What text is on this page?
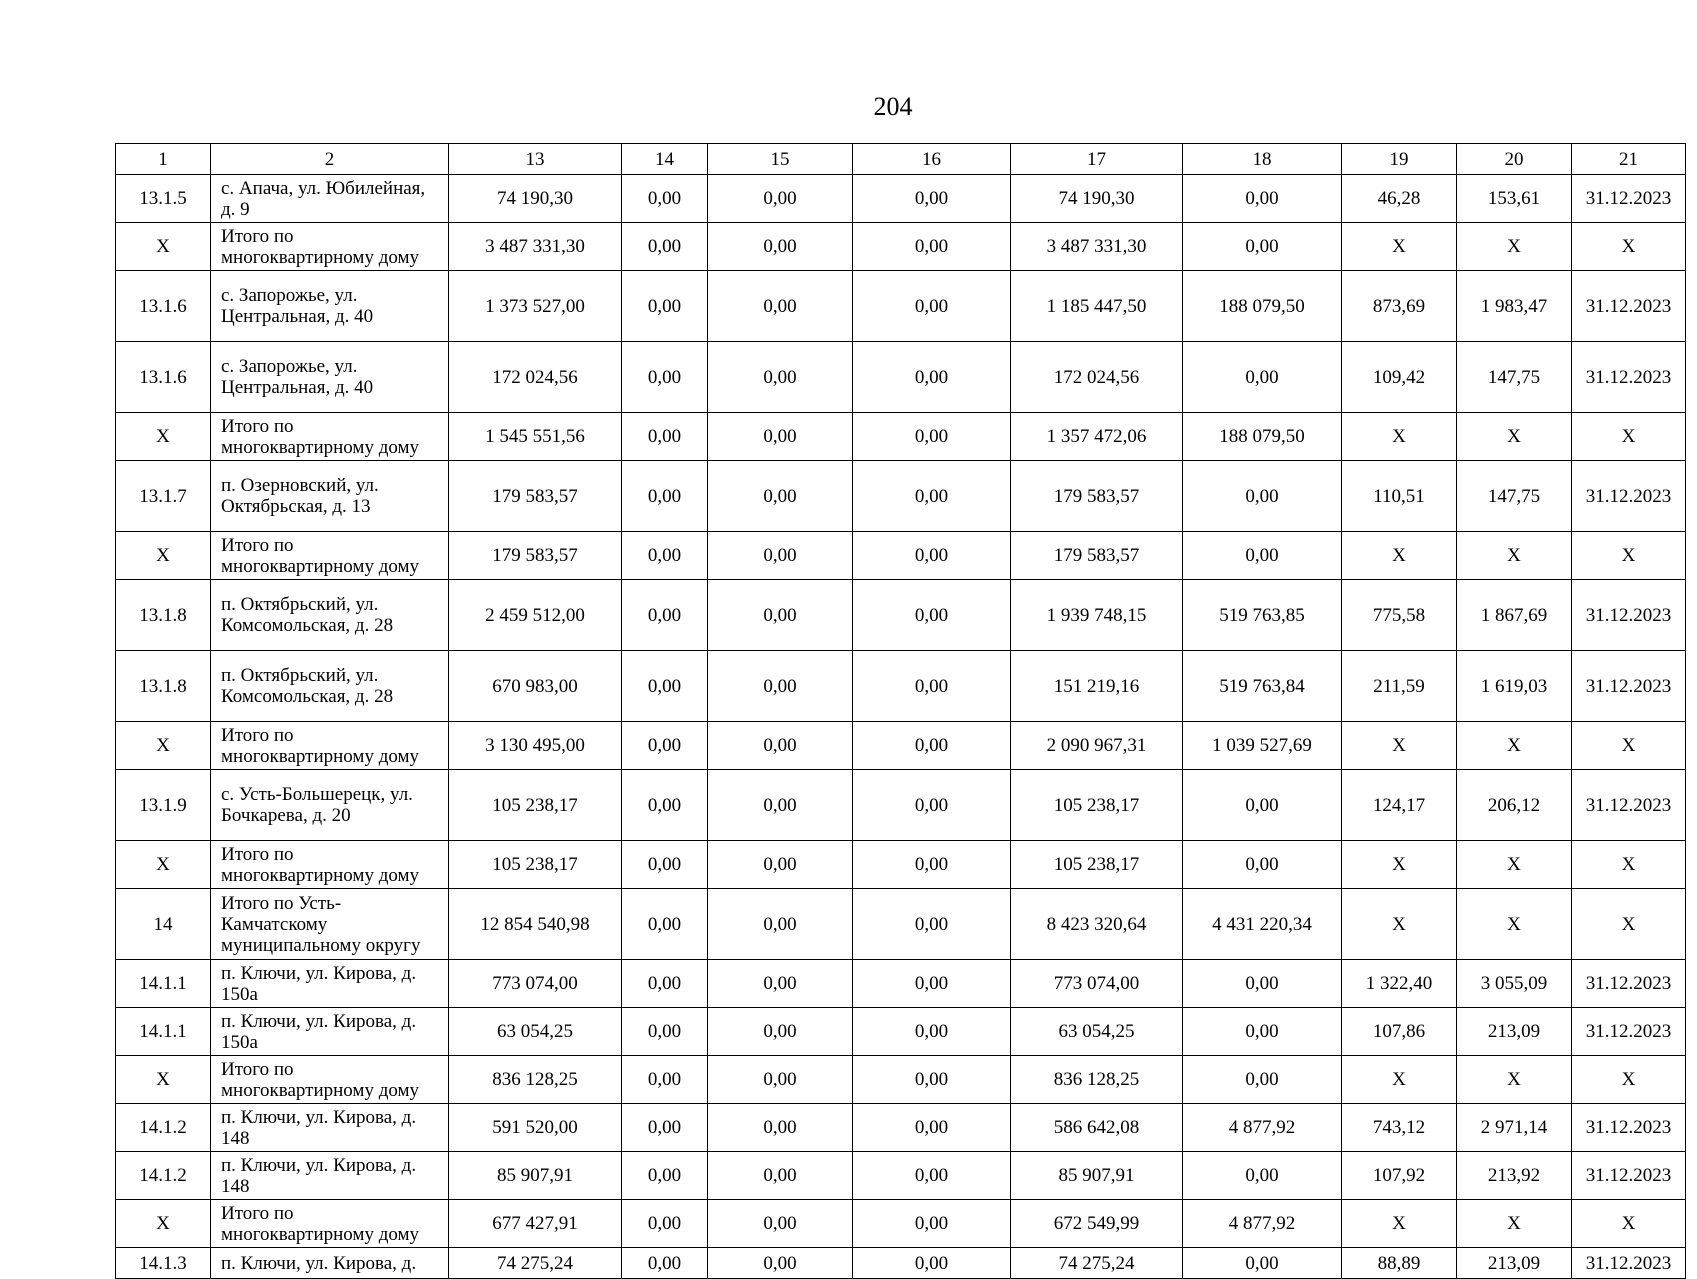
204
1	2	13	14	15	16	17	18	19	20	21
13.1.5	с. Апача, ул. Юбилейная, д. 9	74 190,30	0,00	0,00	0,00	74 190,30	0,00	46,28	153,61	31.12.2023
Х	Итого по многоквартирному дому	3 487 331,30	0,00	0,00	0,00	3 487 331,30	0,00	Х	Х	Х
13.1.6	с. Запорожье, ул. Центральная, д. 40	1 373 527,00	0,00	0,00	0,00	1 185 447,50	188 079,50	873,69	1 983,47	31.12.2023
13.1.6	с. Запорожье, ул. Центральная, д. 40	172 024,56	0,00	0,00	0,00	172 024,56	0,00	109,42	147,75	31.12.2023
Х	Итого по многоквартирному дому	1 545 551,56	0,00	0,00	0,00	1 357 472,06	188 079,50	Х	Х	Х
13.1.7	п. Озерновский, ул. Октябрьская, д. 13	179 583,57	0,00	0,00	0,00	179 583,57	0,00	110,51	147,75	31.12.2023
Х	Итого по многоквартирному дому	179 583,57	0,00	0,00	0,00	179 583,57	0,00	Х	Х	Х
13.1.8	п. Октябрьский, ул. Комсомольская, д. 28	2 459 512,00	0,00	0,00	0,00	1 939 748,15	519 763,85	775,58	1 867,69	31.12.2023
13.1.8	п. Октябрьский, ул. Комсомольская, д. 28	670 983,00	0,00	0,00	0,00	151 219,16	519 763,84	211,59	1 619,03	31.12.2023
Х	Итого по многоквартирному дому	3 130 495,00	0,00	0,00	0,00	2 090 967,31	1 039 527,69	Х	Х	Х
13.1.9	с. Усть-Большерецк, ул. Бочкарева, д. 20	105 238,17	0,00	0,00	0,00	105 238,17	0,00	124,17	206,12	31.12.2023
Х	Итого по многоквартирному дому	105 238,17	0,00	0,00	0,00	105 238,17	0,00	Х	Х	Х
14	Итого по Усть-Камчатскому муниципальному округу	12 854 540,98	0,00	0,00	0,00	8 423 320,64	4 431 220,34	Х	Х	Х
14.1.1	п. Ключи, ул. Кирова, д. 150а	773 074,00	0,00	0,00	0,00	773 074,00	0,00	1 322,40	3 055,09	31.12.2023
14.1.1	п. Ключи, ул. Кирова, д. 150а	63 054,25	0,00	0,00	0,00	63 054,25	0,00	107,86	213,09	31.12.2023
Х	Итого по многоквартирному дому	836 128,25	0,00	0,00	0,00	836 128,25	0,00	Х	Х	Х
14.1.2	п. Ключи, ул. Кирова, д. 148	591 520,00	0,00	0,00	0,00	586 642,08	4 877,92	743,12	2 971,14	31.12.2023
14.1.2	п. Ключи, ул. Кирова, д. 148	85 907,91	0,00	0,00	0,00	85 907,91	0,00	107,92	213,92	31.12.2023
Х	Итого по многоквартирному дому	677 427,91	0,00	0,00	0,00	672 549,99	4 877,92	Х	Х	Х
14.1.3	п. Ключи, ул. Кирова, д.	74 275,24	0,00	0,00	0,00	74 275,24	0,00	88,89	213,09	31.12.2023
